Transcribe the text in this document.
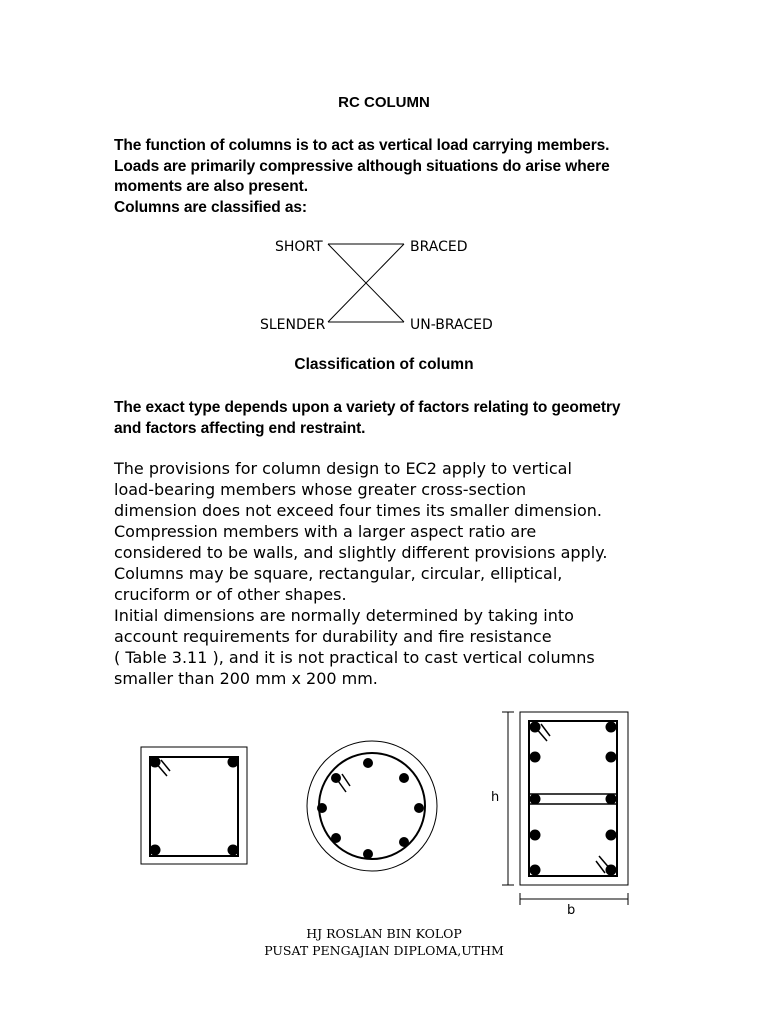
RC COLUMN
The function of columns is to act as vertical load carrying members.
Loads are primarily compressive although situations do arise where
moments are also present.
Columns are classified as:
SHORT	BRACED
SLENDER	UN-BRACED
Classification of column
The exact type depends upon a variety of factors relating to geometry
and factors affecting end restraint.
The provisions for column design to EC2 apply to vertical
load-bearing members whose greater cross-section
dimension does not exceed four times its smaller dimension.
Compression members with a larger aspect ratio are
considered to be walls, and slightly different provisions apply.
Columns may be square, rectangular, circular, elliptical,
cruciform or of other shapes.
Initial dimensions are normally determined by taking into
account requirements for durability and fire resistance
( Table 3.11 ), and it is not practical to cast vertical columns
smaller than 200 mm x 200 mm.
h
b
HJ ROSLAN BIN KOLOP
PUSAT PENGAJIAN DIPLOMA,UTHM
